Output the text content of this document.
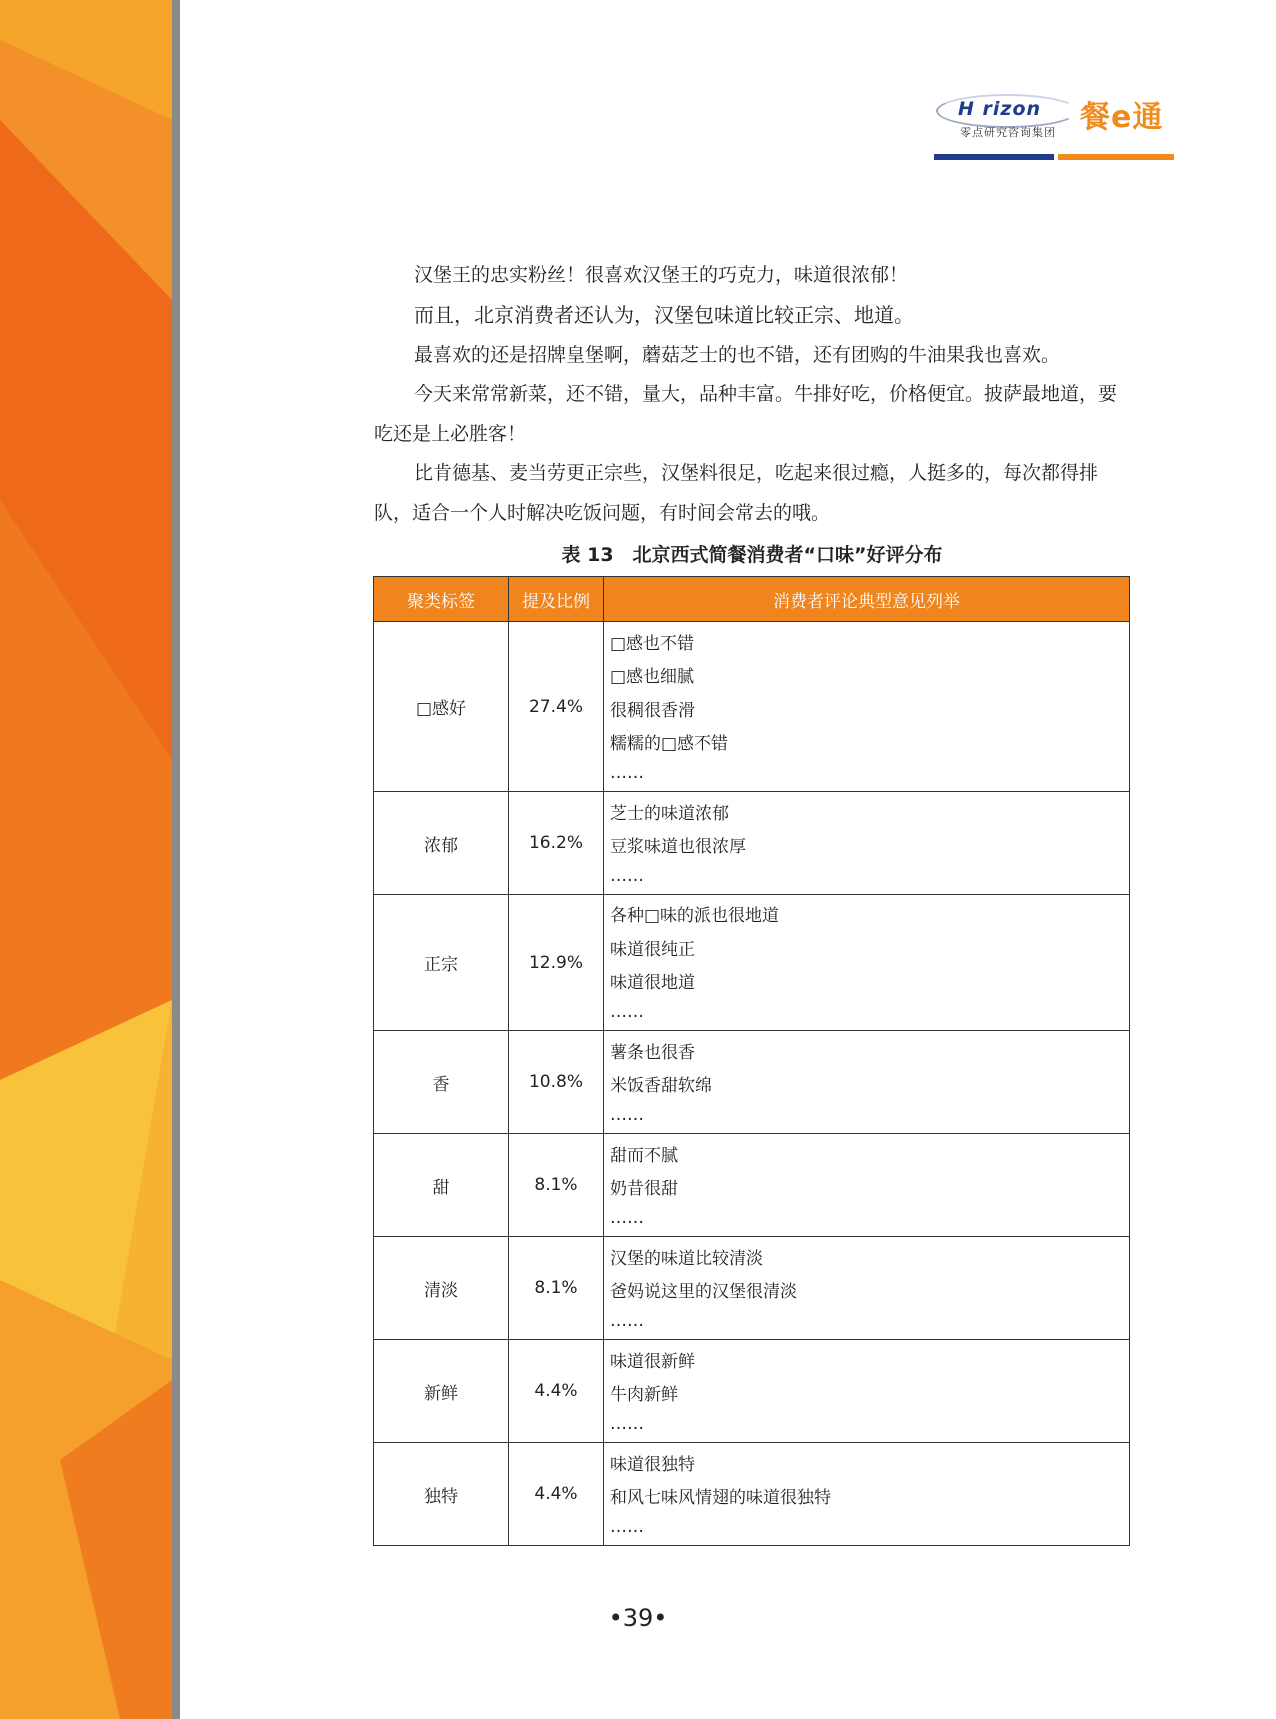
H rizon
零点研究咨询集团 餐e通

汉堡王的忠实粉丝！很喜欢汉堡王的巧克力，味道很浓郁！

而且，北京消费者还认为，汉堡包味道比较正宗、地道。

最喜欢的还是招牌皇堡啊，蘑菇芝士的也不错，还有团购的牛油果我也喜欢。

今天来常常新菜，还不错，量大，品种丰富。牛排好吃，价格便宜。披萨最地道，要吃还是上必胜客！

比肯德基、麦当劳更正宗些，汉堡料很足，吃起来很过瘾，人挺多的，每次都得排队，适合一个人时解决吃饭问题，有时间会常去的哦。

表 13　北京西式简餐消费者“口味”好评分布
聚类标签	提及比例	消费者评论典型意见列举
□感好	27.4%	□感也不错
□感也细腻
很稠很香滑
糯糯的□感不错
……

浓郁	16.2%	芝士的味道浓郁
豆浆味道也很浓厚
……

正宗	12.9%	各种□味的派也很地道
味道很纯正
味道很地道
……

香	10.8%	薯条也很香
米饭香甜软绵
……

甜	8.1%	甜而不腻
奶昔很甜
……

清淡	8.1%	汉堡的味道比较清淡
爸妈说这里的汉堡很清淡
……

新鲜	4.4%	味道很新鲜
牛肉新鲜
……

独特	4.4%	味道很独特
和风七味风情翅的味道很独特
……
•39•
